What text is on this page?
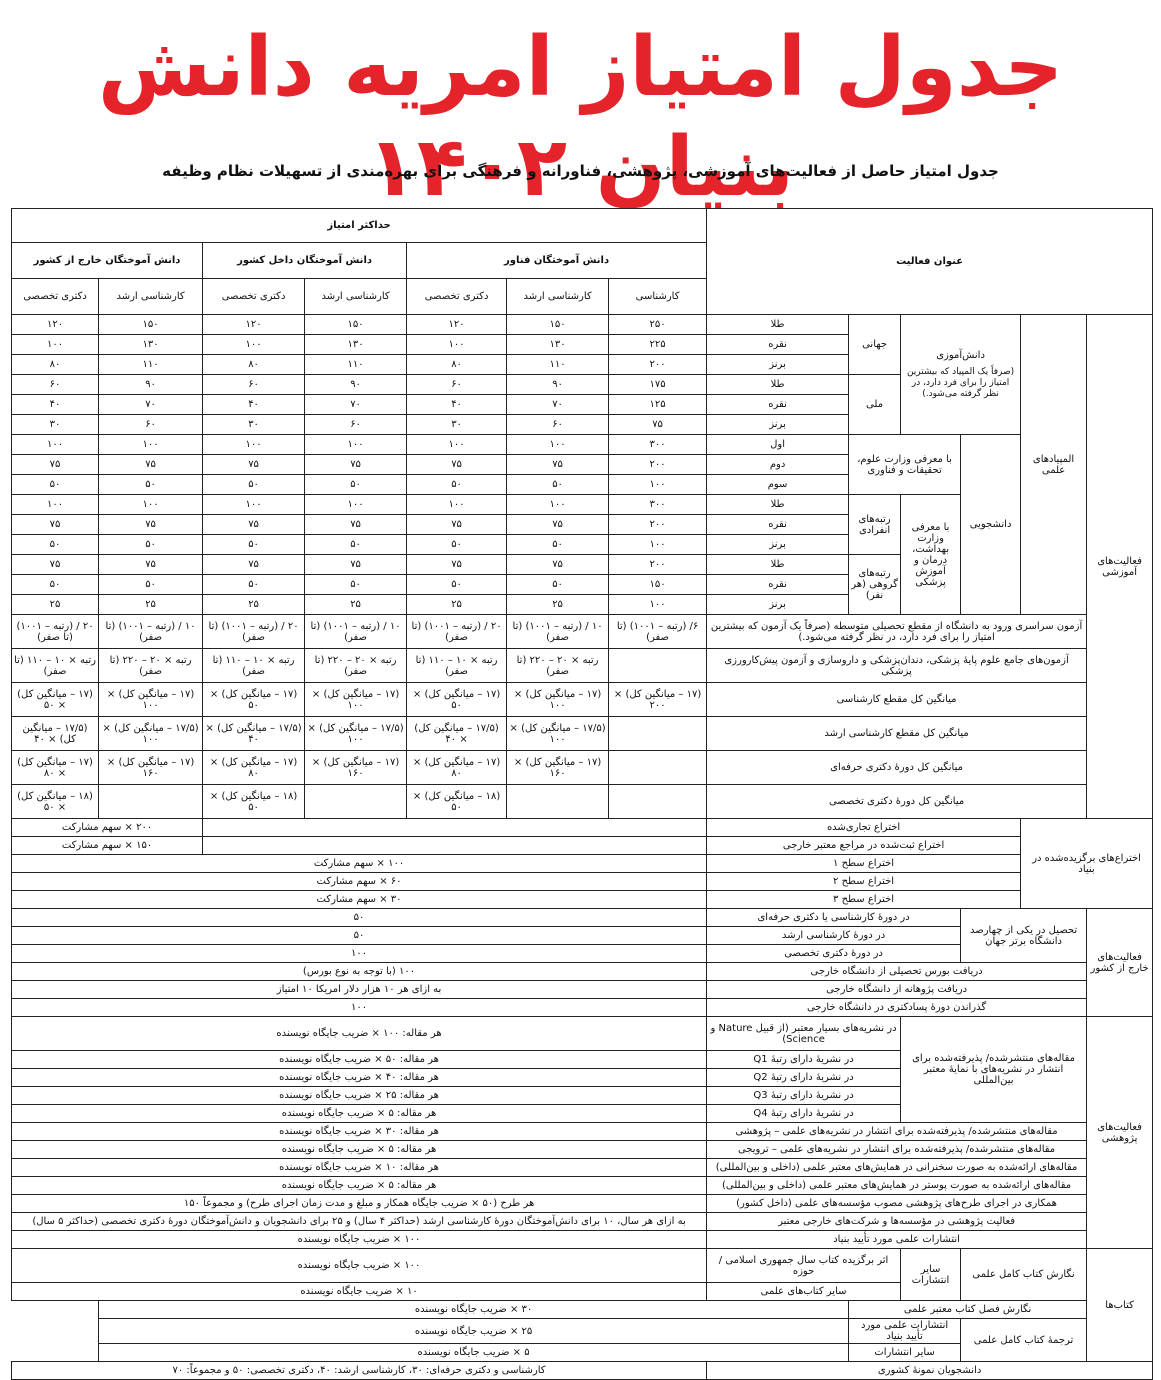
جدول امتیاز امریه دانش بنیان ۱۴۰۲
جدول امتیاز حاصل از فعالیت‌های آموزشی، پژوهشی، فناورانه و فرهنگی برای بهره‌مندی از تسهیلات نظام وظیفه
عنوان فعالیت						حداکثر امتیاز						
						دانش آموختگان فناور			دانش آموختگان داخل کشور		دانش آموختگان خارج از کشور	
						کارشناسی	کارشناسی ارشد	دکتری تخصصی	کارشناسی ارشد	دکتری تخصصی	کارشناسی ارشد	دکتری تخصصی
فعالیت‌های آموزشی	المپیادهای علمی	دانش‌آموزی
(صرفاً یک المپیاد که بیشترین امتیاز را برای فرد دارد، در نظر گرفته می‌شود.)		جهانی	طلا	۲۵۰	۱۵۰	۱۲۰	۱۵۰	۱۲۰	۱۵۰	۱۲۰
					نقره	۲۲۵	۱۳۰	۱۰۰	۱۳۰	۱۰۰	۱۳۰	۱۰۰
					برنز	۲۰۰	۱۱۰	۸۰	۱۱۰	۸۰	۱۱۰	۸۰
				ملی	طلا	۱۷۵	۹۰	۶۰	۹۰	۶۰	۹۰	۶۰
					نقره	۱۲۵	۷۰	۴۰	۷۰	۴۰	۷۰	۴۰
					برنز	۷۵	۶۰	۳۰	۶۰	۳۰	۶۰	۳۰
		دانشجویی	با معرفی وزارت علوم، تحقیقات و فناوری		اول	۳۰۰	۱۰۰	۱۰۰	۱۰۰	۱۰۰	۱۰۰	۱۰۰
					دوم	۲۰۰	۷۵	۷۵	۷۵	۷۵	۷۵	۷۵
					سوم	۱۰۰	۵۰	۵۰	۵۰	۵۰	۵۰	۵۰
			با معرفی وزارت بهداشت، درمان و آموزش پزشکی	رتبه‌های انفرادی	طلا	۳۰۰	۱۰۰	۱۰۰	۱۰۰	۱۰۰	۱۰۰	۱۰۰
					نقره	۲۰۰	۷۵	۷۵	۷۵	۷۵	۷۵	۷۵
					برنز	۱۰۰	۵۰	۵۰	۵۰	۵۰	۵۰	۵۰
				رتبه‌های گروهی (هر نفر)	طلا	۲۰۰	۷۵	۷۵	۷۵	۷۵	۷۵	۷۵
					نقره	۱۵۰	۵۰	۵۰	۵۰	۵۰	۵۰	۵۰
					برنز	۱۰۰	۲۵	۲۵	۲۵	۲۵	۲۵	۲۵
	آزمون سراسری ورود به دانشگاه از مقطع تحصیلی متوسطه (صرفاً یک آزمون که بیشترین امتیاز را برای فرد دارد، در نظر گرفته می‌شود.)					۶/ (رتبه – ۱۰۰۱) (تا صفر)	۱۰ / (رتبه – ۱۰۰۱) (تا صفر)	۲۰ / (رتبه – ۱۰۰۱) (تا صفر)	۱۰ / (رتبه – ۱۰۰۱) (تا صفر)	۲۰ / (رتبه – ۱۰۰۱) (تا صفر)	۱۰ / (رتبه – ۱۰۰۱) (تا صفر)	۲۰ / (رتبه – ۱۰۰۱) (تا صفر)
	آزمون‌های جامع علوم پایهٔ پزشکی، دندان‌پزشکی و داروسازی و آزمون پیش‌کارورزی پزشکی						رتبه × ۲۰ – ۲۲۰ (تا صفر)	رتبه × ۱۰ – ۱۱۰ (تا صفر)	رتبه × ۲۰ – ۲۲۰ (تا صفر)	رتبه × ۱۰ – ۱۱۰ (تا صفر)	رتبه × ۲۰ – ۲۲۰ (تا صفر)	رتبه × ۱۰ – ۱۱۰ (تا صفر)
	میانگین کل مقطع کارشناسی					(۱۷ – میانگین کل) × ۲۰۰	(۱۷ – میانگین کل) × ۱۰۰	(۱۷ – میانگین کل) × ۵۰	(۱۷ – میانگین کل) × ۱۰۰	(۱۷ – میانگین کل) × ۵۰	(۱۷ – میانگین کل) × ۱۰۰	(۱۷ – میانگین کل) × ۵۰
	میانگین کل مقطع کارشناسی ارشد						(۱۷/۵ – میانگین کل) × ۱۰۰	(۱۷/۵ – میانگین کل) × ۴۰	(۱۷/۵ – میانگین کل) × ۱۰۰	(۱۷/۵ – میانگین کل) × ۴۰	(۱۷/۵ – میانگین کل) × ۱۰۰	(۱۷/۵ – میانگین کل) × ۴۰
	میانگین کل دورهٔ دکتری حرفه‌ای						(۱۷ – میانگین کل) × ۱۶۰	(۱۷ – میانگین کل) × ۸۰	(۱۷ – میانگین کل) × ۱۶۰	(۱۷ – میانگین کل) × ۸۰	(۱۷ – میانگین کل) × ۱۶۰	(۱۷ – میانگین کل) × ۸۰
	میانگین کل دورهٔ دکتری تخصصی							(۱۸ – میانگین کل) × ۵۰		(۱۸ – میانگین کل) × ۵۰		(۱۸ – میانگین کل) × ۵۰
اختراع‌های برگزیده‌شده در بنیاد		اختراع تجاری‌شده									۲۰۰ × سهم مشارکت	
		اختراع ثبت‌شده در مراجع معتبر خارجی									۱۵۰ × سهم مشارکت	
		اختراع سطح ۱				۱۰۰ × سهم مشارکت						
		اختراع سطح ۲				۶۰ × سهم مشارکت						
		اختراع سطح ۳				۳۰ × سهم مشارکت						
فعالیت‌های خارج از کشور	تحصیل در یکی از چهارصد دانشگاه برتر جهان		در دورهٔ کارشناسی یا دکتری حرفه‌ای			۵۰						
			در دورهٔ کارشناسی ارشد			۵۰						
			در دورهٔ دکتری تخصصی			۱۰۰						
	دریافت بورس تحصیلی از دانشگاه خارجی					۱۰۰ (با توجه به نوع بورس)						
	دریافت پژوهانه از دانشگاه خارجی					به ازای هر ۱۰ هزار دلار امریکا ۱۰ امتیاز						
	گذراندن دورهٔ پسادکتری در دانشگاه خارجی					۱۰۰						
فعالیت‌های پژوهشی	مقاله‌های منتشرشده/ پذیرفته‌شده برای انتشار در نشریه‌های با نمایهٔ معتبر بین‌المللی			در نشریه‌های بسیار معتبر (از قبیل Nature و Science)		هر مقاله: ۱۰۰ × ضریب جایگاه نویسنده						
				در نشریهٔ دارای رتبهٔ Q1		هر مقاله: ۵۰ × ضریب جایگاه نویسنده						
				در نشریهٔ دارای رتبهٔ Q2		هر مقاله: ۴۰ × ضریب جایگاه نویسنده						
				در نشریهٔ دارای رتبهٔ Q3		هر مقاله: ۲۵ × ضریب جایگاه نویسنده						
				در نشریهٔ دارای رتبهٔ Q4		هر مقاله: ۵ × ضریب جایگاه نویسنده						
	مقاله‌های منتشرشده/ پذیرفته‌شده برای انتشار در نشریه‌های علمی – پژوهشی					هر مقاله: ۳۰ × ضریب جایگاه نویسنده						
	مقاله‌های منتشرشده/ پذیرفته‌شده برای انتشار در نشریه‌های علمی – ترویجی					هر مقاله: ۵ × ضریب جایگاه نویسنده						
	مقاله‌های ارائه‌شده به صورت سخنرانی در همایش‌های معتبر علمی (داخلی و بین‌المللی)					هر مقاله: ۱۰ × ضریب جایگاه نویسنده						
	مقاله‌های ارائه‌شده به صورت پوستر در همایش‌های معتبر علمی (داخلی و بین‌المللی)					هر مقاله: ۵ × ضریب جایگاه نویسنده						
	همکاری در اجرای طرح‌های پژوهشی مصوب مؤسسه‌های علمی (داخل کشور)					هر طرح (۵۰ × ضریب جایگاه همکار و مبلغ و مدت زمان اجرای طرح) و مجموعاً ۱۵۰						
	فعالیت پژوهشی در مؤسسه‌ها و شرکت‌های خارجی معتبر					به ازای هر سال، ۱۰ برای دانش‌آموختگان دورهٔ کارشناسی ارشد (حداکثر ۴ سال) و ۲۵ برای دانشجویان و دانش‌آموختگان دورهٔ دکتری تخصصی (حداکثر ۵ سال)						
	انتشارات علمی مورد تأیید بنیاد					۱۰۰ × ضریب جایگاه نویسنده						
کتاب‌ها	نگارش کتاب کامل علمی		سایر انتشارات	اثر برگزیده کتاب سال جمهوری اسلامی / حوزه		۱۰۰ × ضریب جایگاه نویسنده						
				سایر کتاب‌های علمی		۱۰ × ضریب جایگاه نویسنده						
	نگارش فصل کتاب معتبر علمی				۳۰ × ضریب جایگاه نویسنده							
	ترجمهٔ کتاب کامل علمی		انتشارات علمی مورد تأیید بنیاد		۲۵ × ضریب جایگاه نویسنده							
			سایر انتشارات		۵ × ضریب جایگاه نویسنده							
دانشجویان نمونهٔ کشوری						کارشناسی و دکتری حرفه‌ای: ۳۰، کارشناسی ارشد: ۴۰، دکتری تخصصی: ۵۰ و مجموعاً: ۷۰						
